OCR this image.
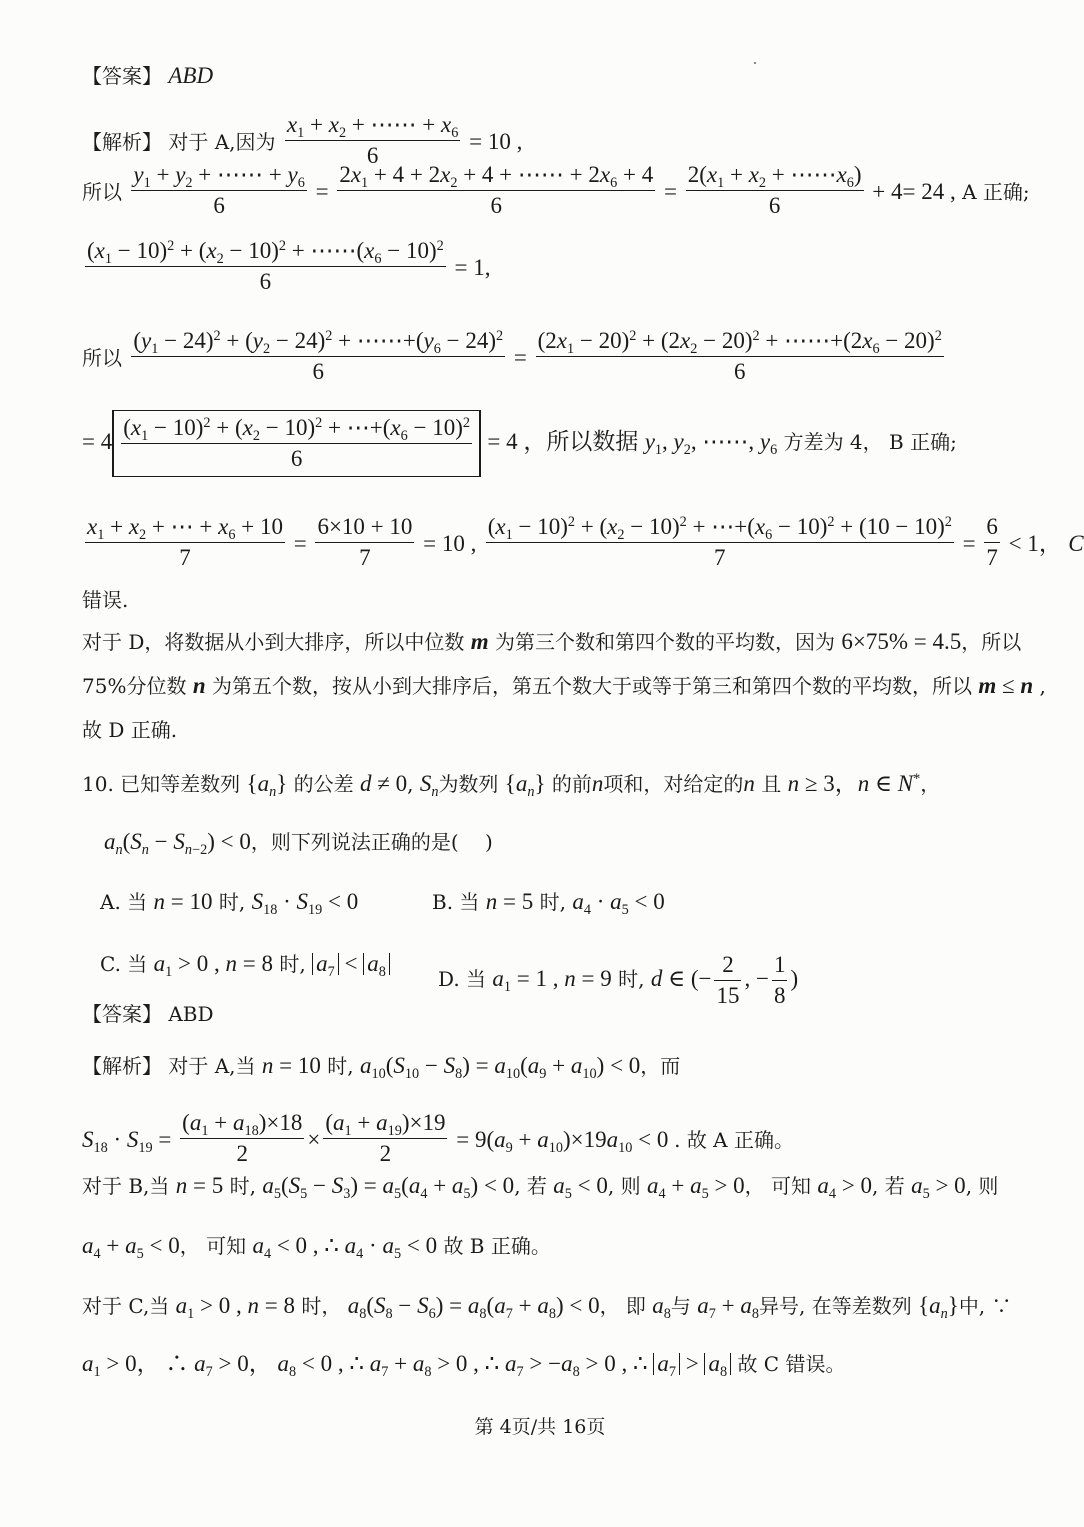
【答案】 ABD
【解析】 对于 A,因为 $\frac{x_1 + x_2 + \cdots\cdots + x_6}{6} = 10$ ,
所以 $\frac{y_1 + y_2 + \cdots\cdots + y_6}{6} = \frac{2x_1 + 4 + 2x_2 + 4 + \cdots\cdots + 2x_6 + 4}{6} = \frac{2(x_1 + x_2 + \cdots\cdots x_6)}{6} + 4= 24$ , A 正确;
$\frac{(x_1 - 10)^2 + (x_2 - 10)^2 + \cdots\cdots(x_6 - 10)^2}{6} = 1$,
所以 $\frac{(y_1 - 24)^2 + (y_2 - 24)^2 + \cdots\cdots+(y_6 - 24)^2}{6} = \frac{(2x_1 - 20)^2 + (2x_2 - 20)^2 + \cdots\cdots+(2x_6 - 20)^2}{6}$
= $4 \frac{(x_1 - 10)^2 + (x_2 - 10)^2 + \cdots+(x_6 - 10)^2}{6} = 4$ ，所以数据 $y_1$, $y_2$, ⋯⋯, $y_6$ 方差为 4， B 正确;
$\frac{x_1 + x_2 + \cdots + x_6 + 10}{7} = \frac{6\times 10 + 10}{7} = 10$ , $\frac{(x_1 - 10)^2 + (x_2 - 10)^2 + \cdots+(x_6 - 10)^2 + (10 - 10)^2}{7} = \frac{6}{7} < 1$， C
错误.
对于 D，将数据从小到大排序，所以中位数 m 为第三个数和第四个数的平均数，因为 6×75% = 4.5，所以
75%分位数 n 为第五个数，按从小到大排序后，第五个数大于或等于第三和第四个数的平均数，所以 m ≤ n ,
故 D 正确.
10. 已知等差数列 $\{a_n\}$ 的公差 d ≠ 0, $S_n$为数列 $\{a_n\}$ 的前n项和，对给定的n 且 n ≥ 3，n ∈ N*，
$a_n(S_n - S_{n-2}) < 0$，则下列说法正确的是(　 )
A. 当 n = 10 时, $S_{18} \cdot S_{19} < 0$	B. 当 n = 5 时, $a_4 \cdot a_5 < 0$
C. 当 $a_1 > 0$ , n = 8 时, $a_7 < a_8$	D. 当 $a_1 = 1$ , n = 9 时, d ∈ (− $\frac{2}{15}$ , − $\frac{1}{8}$ )
【答案】 ABD
【解析】 对于 A,当 n = 10 时, $a_{10}(S_{10} - S_8) = a_{10}(a_9 + a_{10}) < 0$，而
$S_{18} \cdot S_{19} = \frac{(a_1 + a_{18})\times 18}{2} \times \frac{(a_1 + a_{19})\times 19}{2} = 9(a_9 + a_{10})\times 19a_{10} < 0$ . 故 A 正确。
对于 B,当 n = 5 时, $a_5(S_5 - S_3) = a_5(a_4 + a_5) < 0$, 若 $a_5 < 0$, 则 $a_4 + a_5 > 0$， 可知 $a_4 > 0$, 若 $a_5 > 0$, 则
$a_4 + a_5 < 0$， 可知 $a_4 < 0$ , ∴ $a_4 \cdot a_5 < 0$ 故 B 正确。
对于 C,当 $a_1 > 0$ , n = 8 时， $a_8(S_8 - S_6) = a_8(a_7 + a_8) < 0$， 即 $a_8$与 $a_7 + a_8$异号, 在等差数列 $\{a_n\}$中, ∵
$a_1 > 0$， ∴ $a_7 > 0$， $a_8 < 0$ , ∴ $a_7 + a_8 > 0$ , ∴ $a_7 > -a_8 > 0$ , ∴ $a_7 > a_8$ 故 C 错误。
第 4页/共 16页
